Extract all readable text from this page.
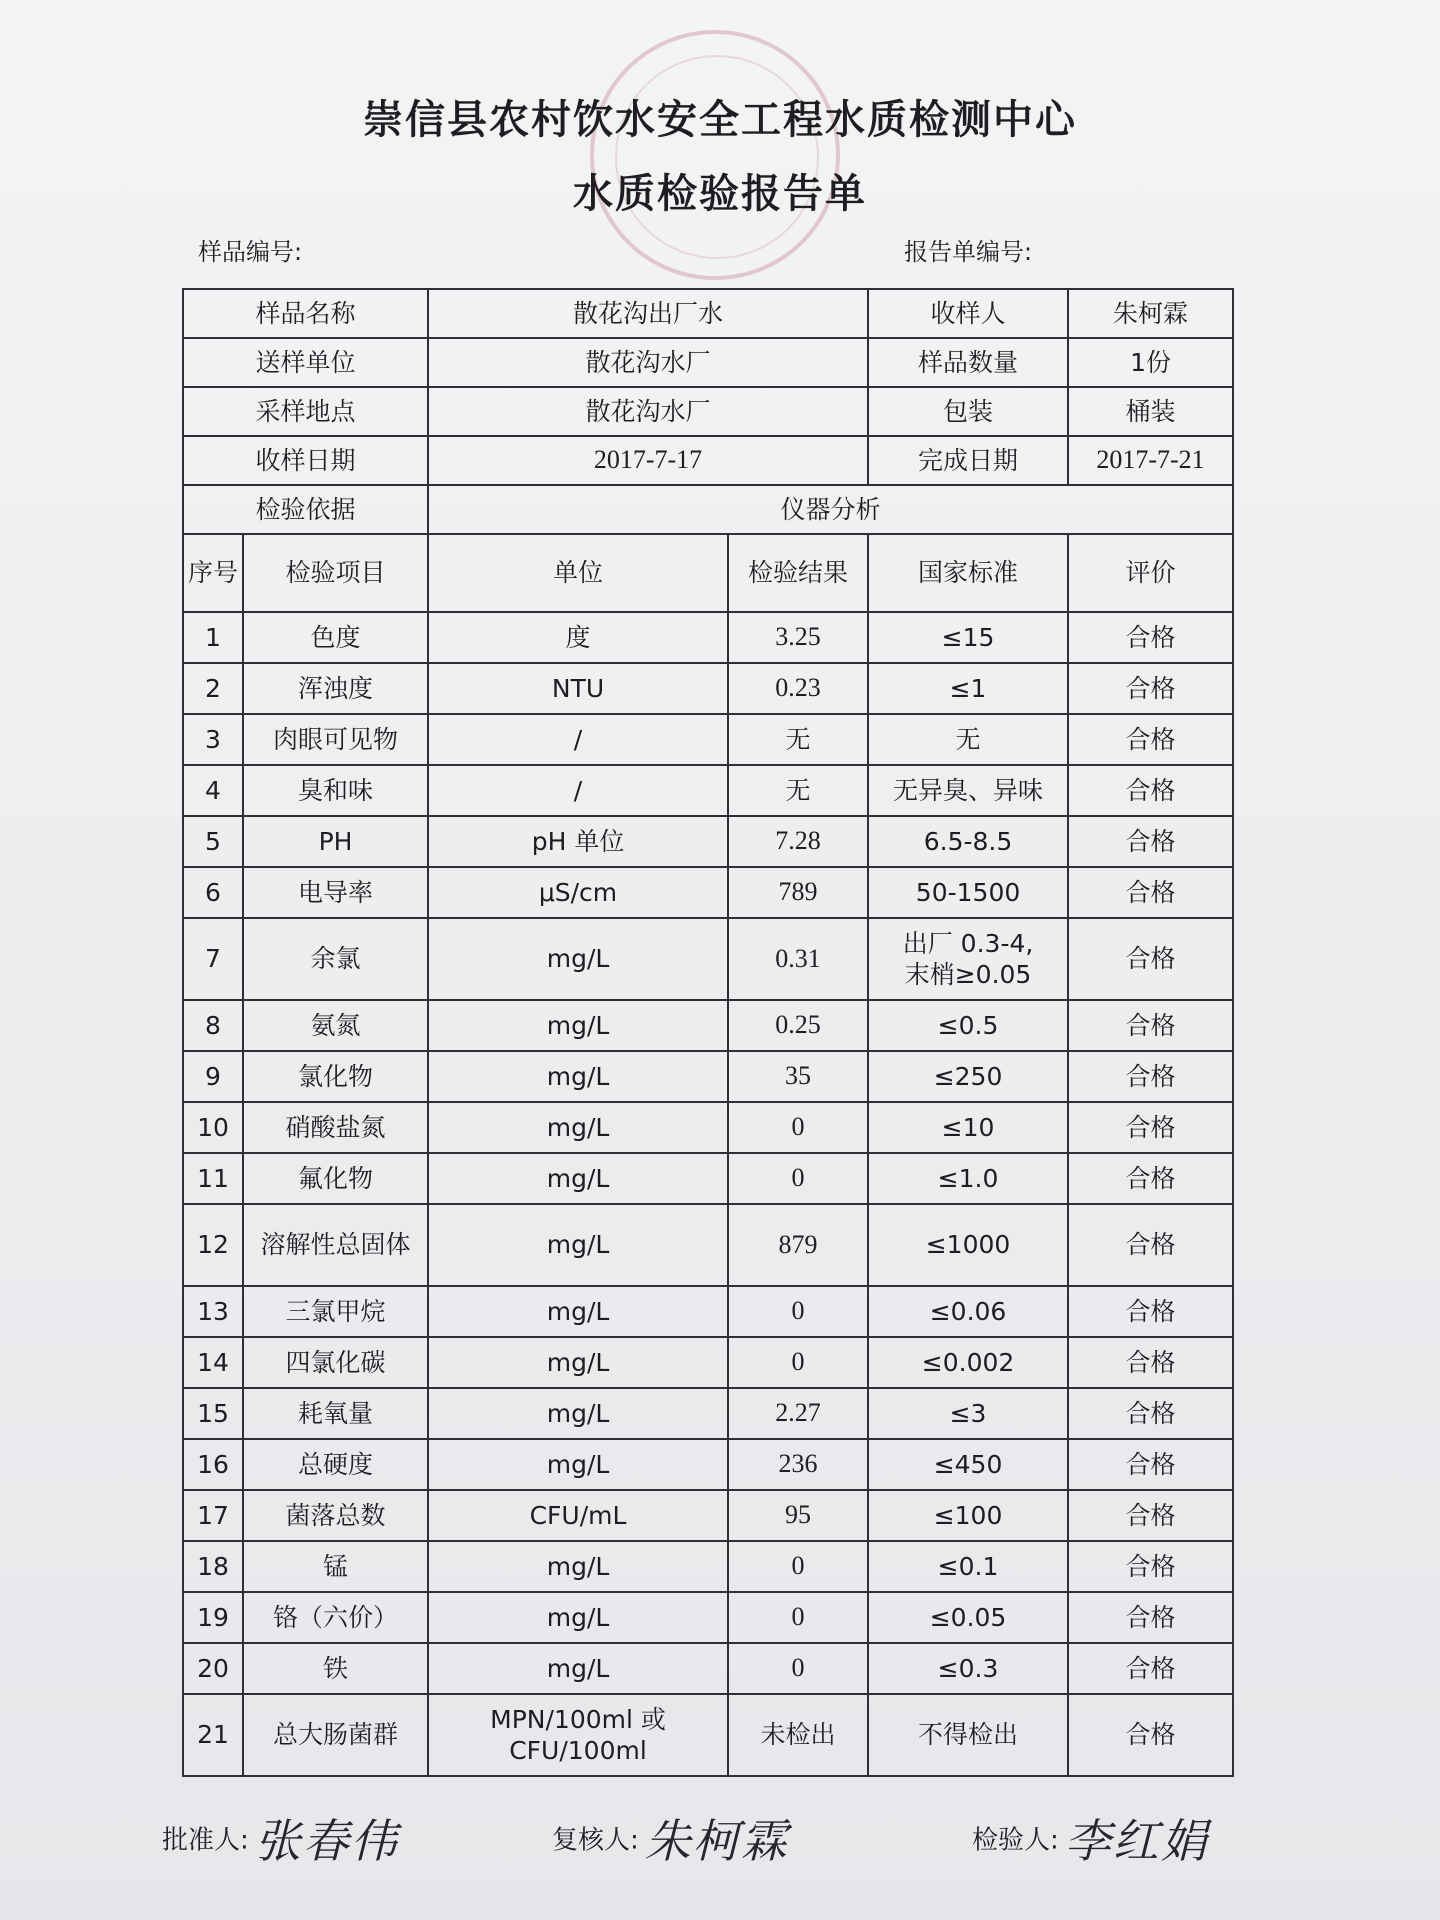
崇信县农村饮水安全工程水质检测中心
水质检验报告单
样品编号:	报告单编号:
样品名称		散花沟出厂水		收样人	朱柯霖
送样单位		散花沟水厂		样品数量	1份
采样地点		散花沟水厂		包装	桶装
收样日期		2017-7-17		完成日期	2017-7-21
检验依据		仪器分析			
序号	检验项目	单位	检验结果	国家标准	评价
1	色度	度	3.25	≤15	合格
2	浑浊度	NTU	0.23	≤1	合格
3	肉眼可见物	/	无	无	合格
4	臭和味	/	无	无异臭、异味	合格
5	PH	pH 单位	7.28	6.5-8.5	合格
6	电导率	μS/cm	789	50-1500	合格
7	余氯	mg/L	0.31	出厂 0.3-4,
末梢≥0.05	合格
8	氨氮	mg/L	0.25	≤0.5	合格
9	氯化物	mg/L	35	≤250	合格
10	硝酸盐氮	mg/L	0	≤10	合格
11	氟化物	mg/L	0	≤1.0	合格
12	溶解性总固体	mg/L	879	≤1000	合格
13	三氯甲烷	mg/L	0	≤0.06	合格
14	四氯化碳	mg/L	0	≤0.002	合格
15	耗氧量	mg/L	2.27	≤3	合格
16	总硬度	mg/L	236	≤450	合格
17	菌落总数	CFU/mL	95	≤100	合格
18	锰	mg/L	0	≤0.1	合格
19	铬（六价）	mg/L	0	≤0.05	合格
20	铁	mg/L	0	≤0.3	合格
21	总大肠菌群	MPN/100ml 或
CFU/100ml	未检出	不得检出	合格
批准人: 张春伟	复核人: 朱柯霖	检验人: 李红娟
